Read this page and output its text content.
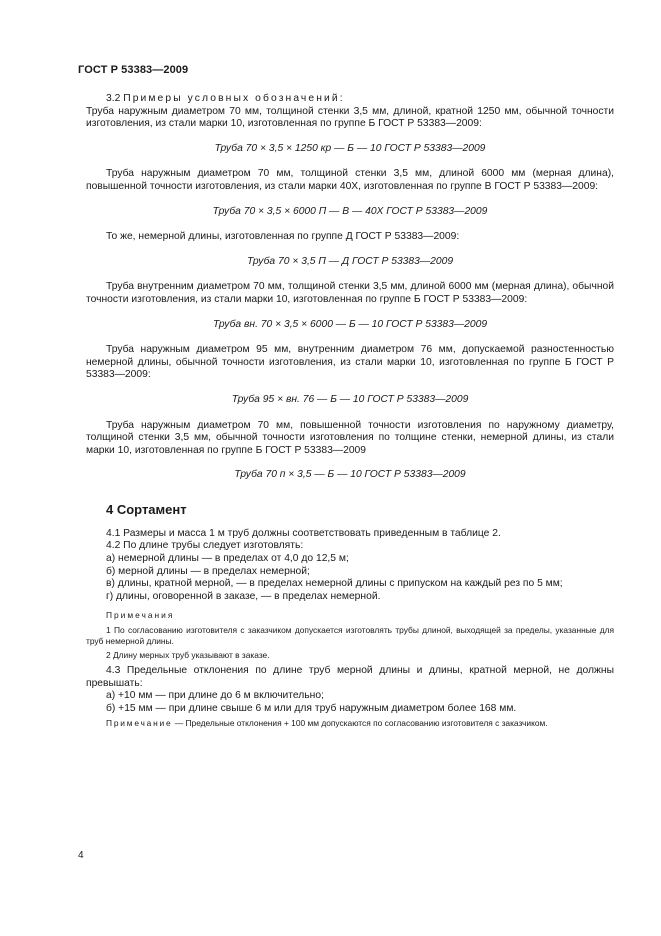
ГОСТ Р 53383—2009

3.2 Примеры условных обозначений:

Труба наружным диаметром 70 мм, толщиной стенки 3,5 мм, длиной, кратной 1250 мм, обычной точности изготовления, из стали марки 10, изготовленная по группе Б ГОСТ Р 53383—2009:

Труба 70 × 3,5 × 1250 кр — Б — 10 ГОСТ Р 53383—2009

Труба наружным диаметром 70 мм, толщиной стенки 3,5 мм, длиной 6000 мм (мерная длина), повышенной точности изготовления, из стали марки 40Х, изготовленная по группе В ГОСТ Р 53383—2009:

Труба 70 × 3,5 × 6000 П — В — 40Х ГОСТ Р 53383—2009

То же, немерной длины, изготовленная по группе Д ГОСТ Р 53383—2009:

Труба 70 × 3,5 П — Д ГОСТ Р 53383—2009

Труба внутренним диаметром 70 мм, толщиной стенки 3,5 мм, длиной 6000 мм (мерная длина), обычной точности изготовления, из стали марки 10, изготовленная по группе Б ГОСТ Р 53383—2009:

Труба вн. 70 × 3,5 × 6000 — Б — 10 ГОСТ Р 53383—2009

Труба наружным диаметром 95 мм, внутренним диаметром 76 мм, допускаемой разностенностью немерной длины, обычной точности изготовления, из стали марки 10, изготовленная по группе Б ГОСТ Р 53383—2009:

Труба 95 × вн. 76 — Б — 10 ГОСТ Р 53383—2009

Труба наружным диаметром 70 мм, повышенной точности изготовления по наружному диаметру, толщиной стенки 3,5 мм, обычной точности изготовления по толщине стенки, немерной длины, из стали марки 10, изготовленная по группе Б ГОСТ Р 53383—2009

Труба 70 п × 3,5 — Б — 10 ГОСТ Р 53383—2009

4 Сортамент

4.1 Размеры и масса 1 м труб должны соответствовать приведенным в таблице 2.

4.2 По длине трубы следует изготовлять:

а) немерной длины — в пределах от 4,0 до 12,5 м;

б) мерной длины — в пределах немерной;

в) длины, кратной мерной, — в пределах немерной длины с припуском на каждый рез по 5 мм;

г) длины, оговоренной в заказе, — в пределах немерной.

Примечания

1 По согласованию изготовителя с заказчиком допускается изготовлять трубы длиной, выходящей за пределы, указанные для труб немерной длины.

2 Длину мерных труб указывают в заказе.

4.3 Предельные отклонения по длине труб мерной длины и длины, кратной мерной, не должны превышать:

а) +10 мм — при длине до 6 м включительно;

б) +15 мм — при длине свыше 6 м или для труб наружным диаметром более 168 мм.

Примечание — Предельные отклонения + 100 мм допускаются по согласованию изготовителя с заказчиком.

4
